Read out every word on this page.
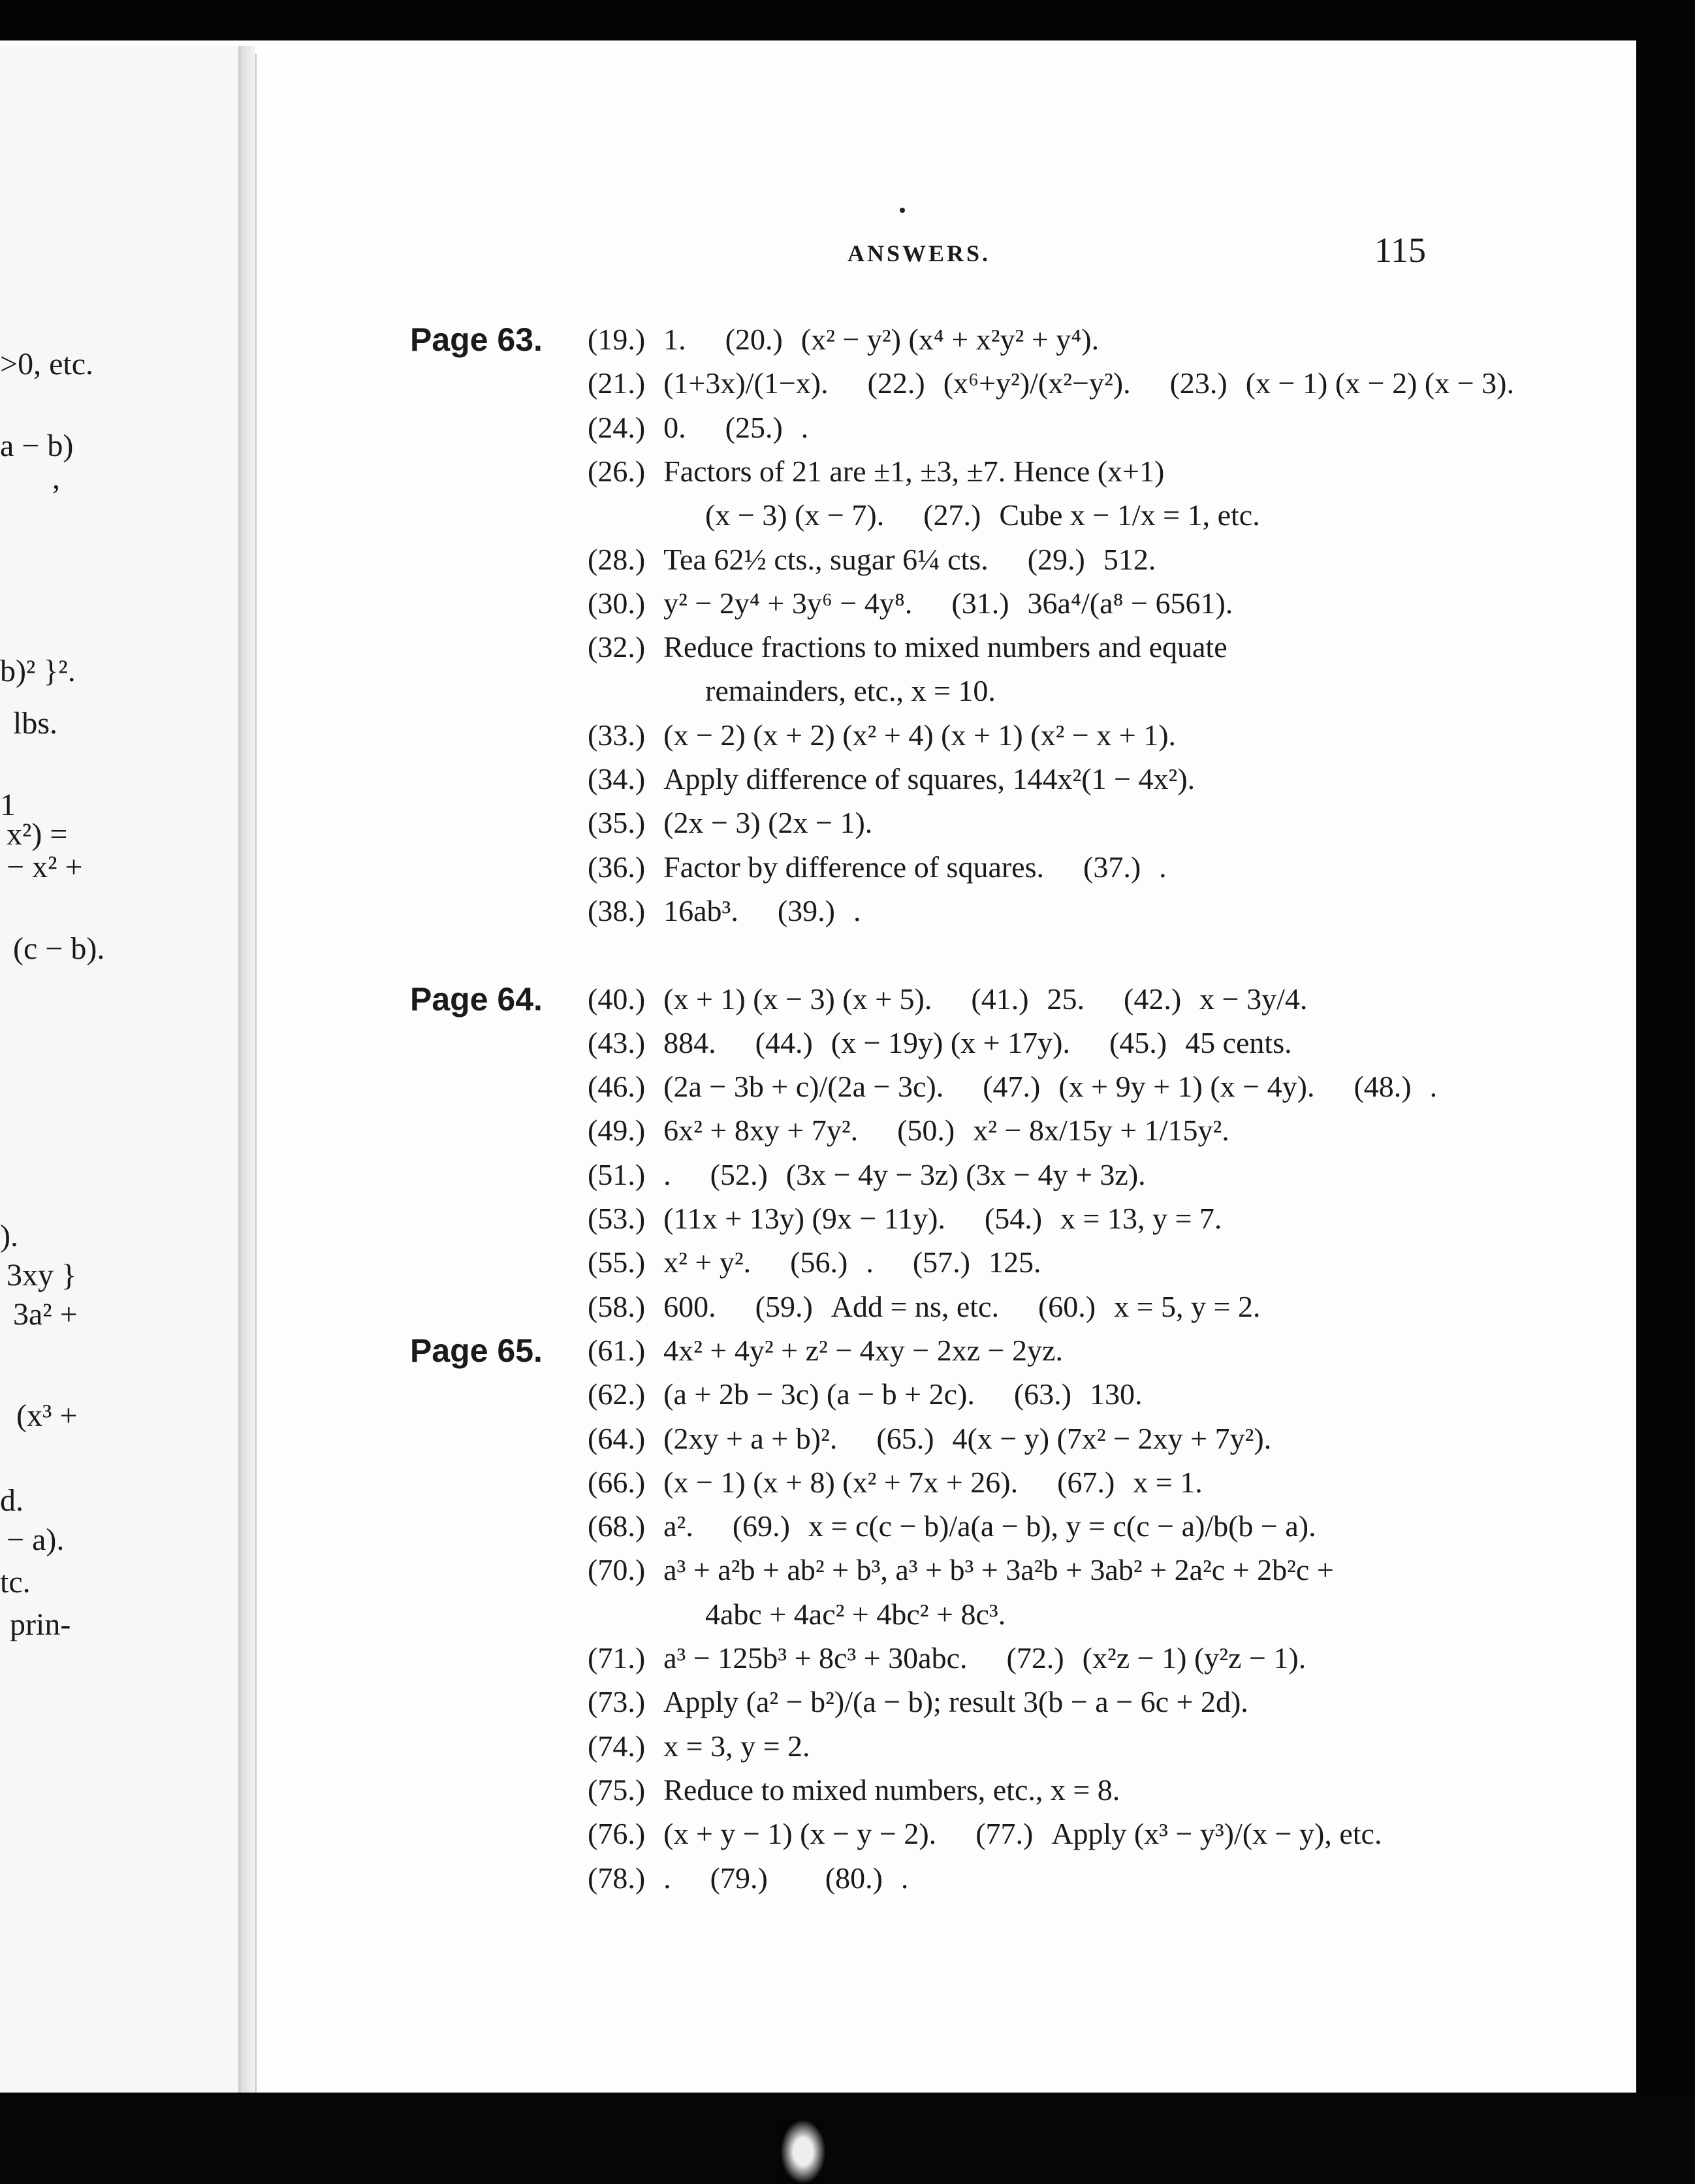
>0, etc.
a − b)
,
b)² }².
lbs.
1
x²) =
− x² +
(c − b).
).
3xy }
3a² +
(x³ +
d.
− a).
tc.
prin-
ANSWERS.	115
Page 63.
Page 64.
Page 65.
(19.) 1. (20.) (x² − y²) (x⁴ + x²y² + y⁴).
(21.) (1+3x)/(1−x). (22.) (x⁶+y²)/(x²−y²). (23.) (x − 1) (x − 2) (x − 3).
(24.) 0. (25.) .
(26.) Factors of 21 are ±1, ±3, ±7. Hence (x+1)
(x − 3) (x − 7). (27.) Cube x − 1/x = 1, etc.
(28.) Tea 62½ cts., sugar 6¼ cts. (29.) 512.
(30.) y² − 2y⁴ + 3y⁶ − 4y⁸. (31.) 36a⁴/(a⁸ − 6561).
(32.) Reduce fractions to mixed numbers and equate
remainders, etc., x = 10.
(33.) (x − 2) (x + 2) (x² + 4) (x + 1) (x² − x + 1).
(34.) Apply difference of squares, 144x²(1 − 4x²).
(35.) (2x − 3) (2x − 1).
(36.) Factor by difference of squares. (37.) .
(38.) 16ab³. (39.) .
(40.) (x + 1) (x − 3) (x + 5). (41.) 25. (42.) x − 3y/4.
(43.) 884. (44.) (x − 19y) (x + 17y). (45.) 45 cents.
(46.) (2a − 3b + c)/(2a − 3c). (47.) (x + 9y + 1) (x − 4y). (48.) .
(49.) 6x² + 8xy + 7y². (50.) x² − 8x/15y + 1/15y².
(51.) . (52.) (3x − 4y − 3z) (3x − 4y + 3z).
(53.) (11x + 13y) (9x − 11y). (54.) x = 13, y = 7.
(55.) x² + y². (56.) . (57.) 125.
(58.) 600. (59.) Add = ns, etc. (60.) x = 5, y = 2.
(61.) 4x² + 4y² + z² − 4xy − 2xz − 2yz.
(62.) (a + 2b − 3c) (a − b + 2c). (63.) 130.
(64.) (2xy + a + b)². (65.) 4(x − y) (7x² − 2xy + 7y²).
(66.) (x − 1) (x + 8) (x² + 7x + 26). (67.) x = 1.
(68.) a². (69.) x = c(c − b)/a(a − b), y = c(c − a)/b(b − a).
(70.) a³ + a²b + ab² + b³, a³ + b³ + 3a²b + 3ab² + 2a²c + 2b²c +
4abc + 4ac² + 4bc² + 8c³.
(71.) a³ − 125b³ + 8c³ + 30abc. (72.) (x²z − 1) (y²z − 1).
(73.) Apply (a² − b²)/(a − b); result 3(b − a − 6c + 2d).
(74.) x = 3, y = 2.
(75.) Reduce to mixed numbers, etc., x = 8.
(76.) (x + y − 1) (x − y − 2). (77.) Apply (x³ − y³)/(x − y), etc.
(78.) . (79.) (80.) .
